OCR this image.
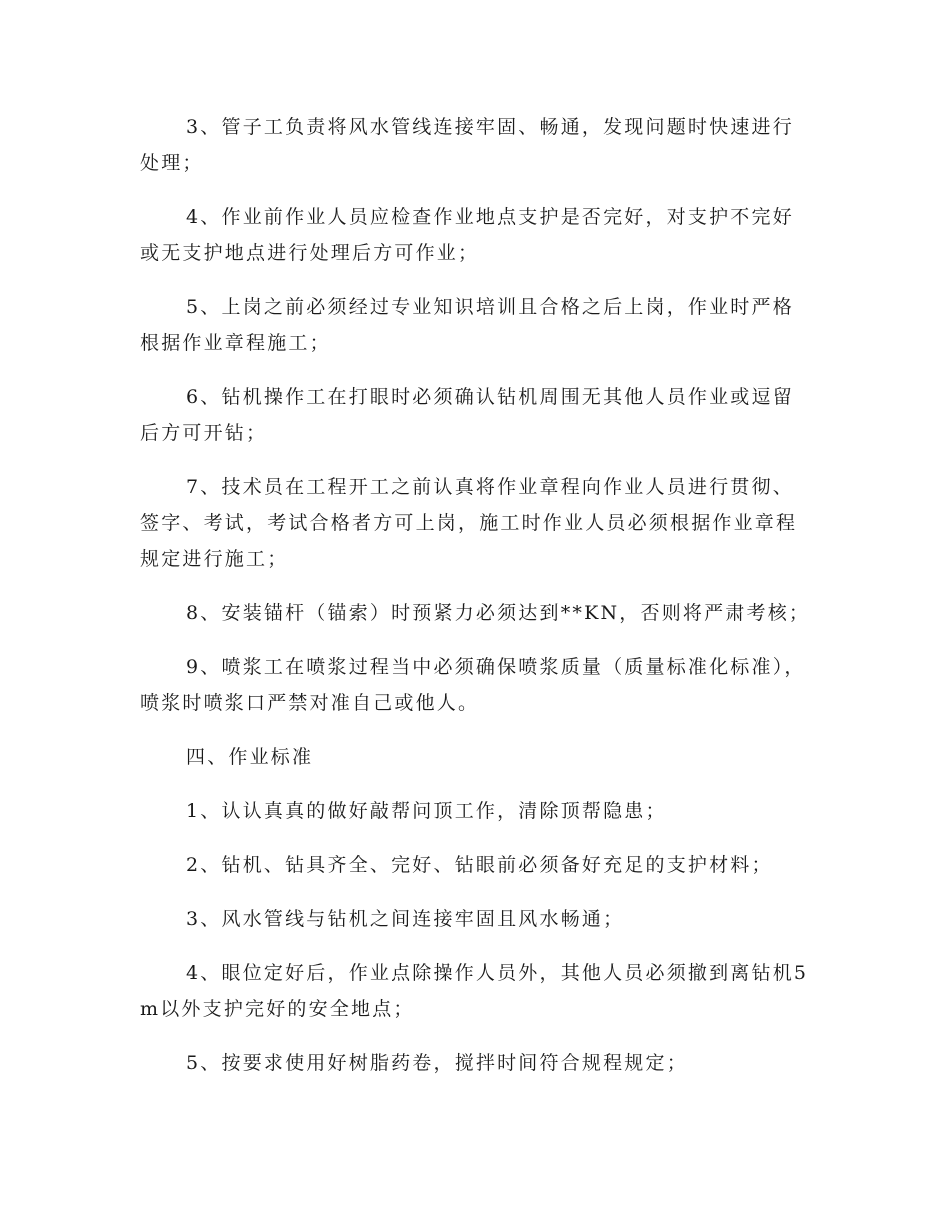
3、管子工负责将风水管线连接牢固、畅通，发现问题时快速进行处理；

4、作业前作业人员应检查作业地点支护是否完好，对支护不完好或无支护地点进行处理后方可作业；

5、上岗之前必须经过专业知识培训且合格之后上岗，作业时严格根据作业章程施工；

6、钻机操作工在打眼时必须确认钻机周围无其他人员作业或逗留后方可开钻；

7、技术员在工程开工之前认真将作业章程向作业人员进行贯彻、签字、考试，考试合格者方可上岗，施工时作业人员必须根据作业章程规定进行施工；

8、安装锚杆（锚索）时预紧力必须达到**KN，否则将严肃考核；

9、喷浆工在喷浆过程当中必须确保喷浆质量（质量标准化标准），喷浆时喷浆口严禁对准自己或他人。

四、作业标准

1、认认真真的做好敲帮问顶工作，清除顶帮隐患；

2、钻机、钻具齐全、完好、钻眼前必须备好充足的支护材料；

3、风水管线与钻机之间连接牢固且风水畅通；

4、眼位定好后，作业点除操作人员外，其他人员必须撤到离钻机5m以外支护完好的安全地点；

5、按要求使用好树脂药卷，搅拌时间符合规程规定；
